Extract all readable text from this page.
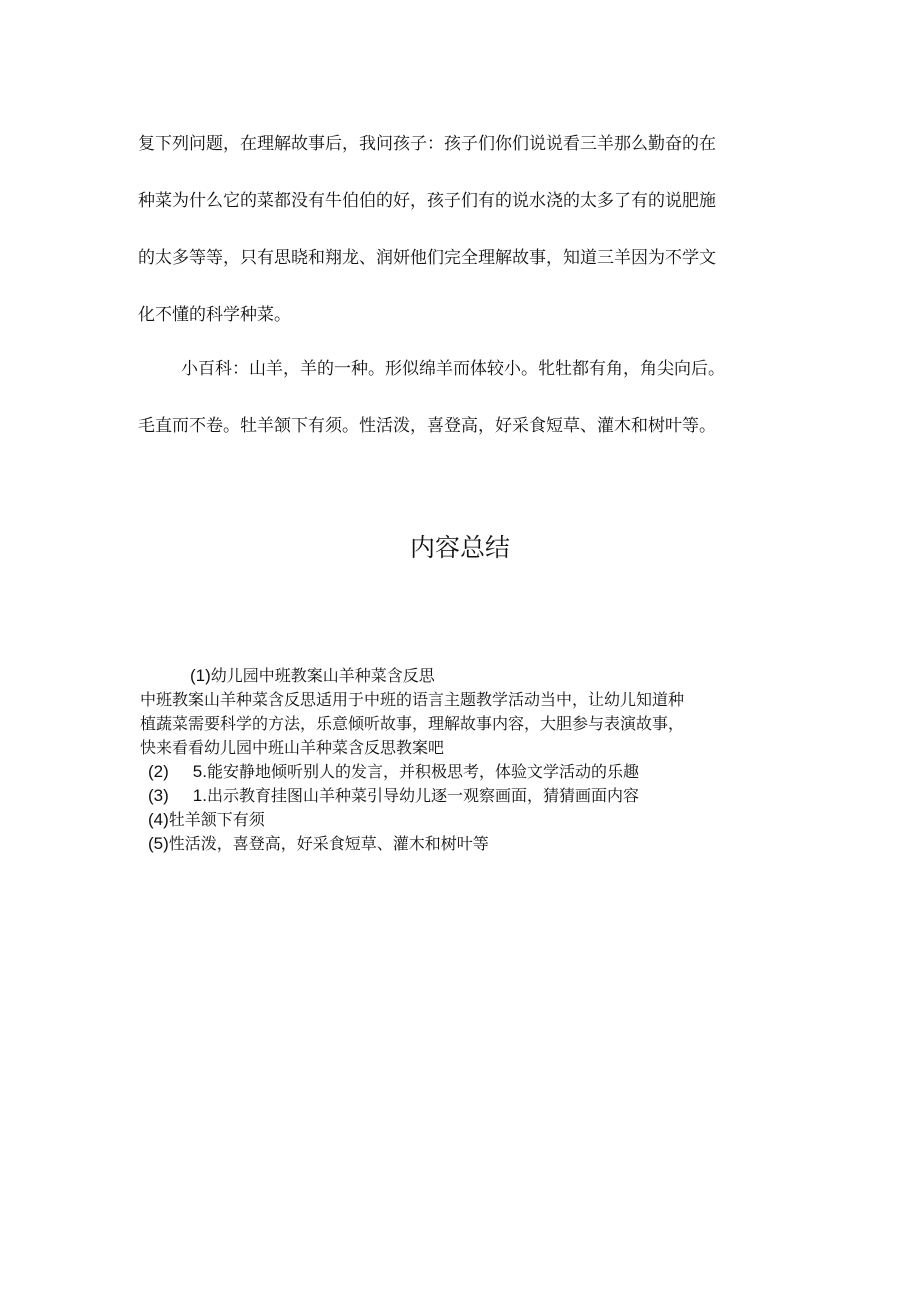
复下列问题，在理解故事后，我问孩子：孩子们你们说说看三羊那么勤奋的在
种菜为什么它的菜都没有牛伯伯的好，孩子们有的说水浇的太多了有的说肥施
的太多等等，只有思晓和翔龙、润妍他们完全理解故事，知道三羊因为不学文
化不懂的科学种菜。
小百科：山羊，羊的一种。形似绵羊而体较小。牝牡都有角，角尖向后。
毛直而不卷。牡羊颔下有须。性活泼，喜登高，好采食短草、灌木和树叶等。
内容总结
(1)幼儿园中班教案山羊种菜含反思
中班教案山羊种菜含反思适用于中班的语言主题教学活动当中，让幼儿知道种
植蔬菜需要科学的方法，乐意倾听故事，理解故事内容，大胆参与表演故事，
快来看看幼儿园中班山羊种菜含反思教案吧
(2) 5.能安静地倾听别人的发言，并积极思考，体验文学活动的乐趣
(3) 1.出示教育挂图山羊种菜引导幼儿逐一观察画面，猜猜画面内容
(4)牡羊颔下有须
(5)性活泼，喜登高，好采食短草、灌木和树叶等
